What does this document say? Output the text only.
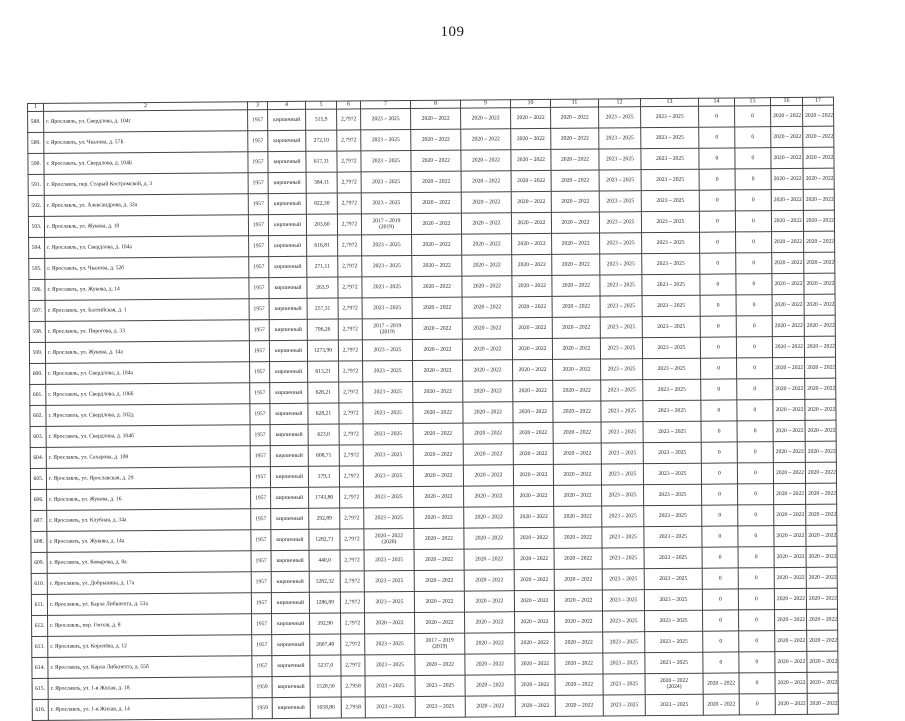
109
1	2	3	4	5	6	7	8	9	10	11	12	13	14	15	16	17
588.	г. Ярославль, ул. Свердлова, д. 104г	1957	кирпичный	515,9	2,7972	2023 – 2025	2020 – 2022	2020 – 2022	2020 – 2022	2020 – 2022	2023 – 2025	2023 – 2025	0	0	2020 – 2022	2020 – 2022
589.	г. Ярославль, ул. Чкалова, д. 57Б	1957	кирпичный	272,10	2,7972	2023 – 2025	2020 – 2022	2020 – 2022	2020 – 2022	2020 – 2022	2023 – 2025	2023 – 2025	0	0	2020 – 2022	2020 – 2022
590.	г. Ярославль, ул. Свердлова, д. 104Б	1957	кирпичный	617,31	2,7972	2023 – 2025	2020 – 2022	2020 – 2022	2020 – 2022	2020 – 2022	2023 – 2025	2023 – 2025	0	0	2020 – 2022	2020 – 2022
591.	г. Ярославль, пер. Старый Костромской, д. 3	1957	кирпичный	384,11	2,7972	2023 – 2025	2020 – 2022	2020 – 2022	2020 – 2022	2020 – 2022	2023 – 2025	2023 – 2025	0	0	2020 – 2022	2020 – 2022
592.	г. Ярославль, ул. Александрова, д. 32а	1957	кирпичный	822,30	2,7972	2023 – 2025	2020 – 2022	2020 – 2022	2020 – 2022	2020 – 2022	2023 – 2025	2023 – 2025	0	0	2020 – 2022	2020 – 2022
593.	г. Ярославль, ул. Жукова, д. 10	1957	кирпичный	203,60	2,7972	2017 – 2019
(2019)	2020 – 2022	2020 – 2022	2020 – 2022	2020 – 2022	2023 – 2025	2023 – 2025	0	0	2020 – 2022	2020 – 2022
594.	г. Ярославль, ул. Свердлова, д. 104а	1957	кирпичный	616,81	2,7972	2023 – 2025	2020 – 2022	2020 – 2022	2020 – 2022	2020 – 2022	2023 – 2025	2023 – 2025	0	0	2020 – 2022	2020 – 2022
595.	г. Ярославль, ул. Чкалова, д. 52б	1957	кирпичный	271,11	2,7972	2023 – 2025	2020 – 2022	2020 – 2022	2020 – 2022	2020 – 2022	2023 – 2025	2023 – 2025	0	0	2020 – 2022	2020 – 2022
596.	г. Ярославль, ул. Жукова, д. 14	1957	кирпичный	263,9	2,7972	2023 – 2025	2020 – 2022	2020 – 2022	2020 – 2022	2020 – 2022	2023 – 2025	2023 – 2025	0	0	2020 – 2022	2020 – 2022
597.	г. Ярославль, ул. Балтийская, д. 1	1957	кирпичный	257,31	2,7972	2023 – 2025	2020 – 2022	2020 – 2022	2020 – 2022	2020 – 2022	2023 – 2025	2023 – 2025	0	0	2020 – 2022	2020 – 2022
598.	г. Ярославль, ул. Пирогова, д. 33	1957	кирпичный	796,26	2,7972	2017 – 2019
(2019)	2020 – 2022	2020 – 2022	2020 – 2022	2020 – 2022	2023 – 2025	2023 – 2025	0	0	2020 – 2022	2020 – 2022
599.	г. Ярославль, ул. Жукова, д. 14а	1957	кирпичный	1273,90	2,7972	2023 – 2025	2020 – 2022	2020 – 2022	2020 – 2022	2020 – 2022	2023 – 2025	2023 – 2025	0	0	2020 – 2022	2020 – 2022
600.	г. Ярославль, ул. Свердлова, д. 104а	1957	кирпичный	613,21	2,7972	2023 – 2025	2020 – 2022	2020 – 2022	2020 – 2022	2020 – 2022	2023 – 2025	2023 – 2025	0	0	2020 – 2022	2020 – 2022
601.	г. Ярославль, ул. Свердлова, д. 106б	1957	кирпичный	628,21	2,7972	2023 – 2025	2020 – 2022	2020 – 2022	2020 – 2022	2020 – 2022	2023 – 2025	2023 – 2025	0	0	2020 – 2022	2020 – 2022
602.	г. Ярославль, ул. Свердлова, д. 102д	1957	кирпичный	628,21	2,7972	2023 – 2025	2020 – 2022	2020 – 2022	2020 – 2022	2020 – 2022	2023 – 2025	2023 – 2025	0	0	2020 – 2022	2020 – 2022
603.	г. Ярославль, ул. Свердлова, д. 104б	1957	кирпичный	623,0	2,7972	2023 – 2025	2020 – 2022	2020 – 2022	2020 – 2022	2020 – 2022	2023 – 2025	2023 – 2025	0	0	2020 – 2022	2020 – 2022
604.	г. Ярославль, ул. Сахарова, д. 108	1957	кирпичный	608,71	2,7972	2023 – 2025	2020 – 2022	2020 – 2022	2020 – 2022	2020 – 2022	2023 – 2025	2023 – 2025	0	0	2020 – 2022	2020 – 2022
605.	г. Ярославль, ул. Ярославская, д. 29	1957	кирпичный	379,3	2,7972	2023 – 2025	2020 – 2022	2020 – 2022	2020 – 2022	2020 – 2022	2023 – 2025	2023 – 2025	0	0	2020 – 2022	2020 – 2022
606.	г. Ярославль, ул. Жукова, д. 16	1957	кирпичный	1743,80	2,7972	2023 – 2025	2020 – 2022	2020 – 2022	2020 – 2022	2020 – 2022	2023 – 2025	2023 – 2025	0	0	2020 – 2022	2020 – 2022
607.	г. Ярославль, ул. Клубная, д. 34а	1957	кирпичный	292,89	2,7972	2023 – 2025	2020 – 2022	2020 – 2022	2020 – 2022	2020 – 2022	2023 – 2025	2023 – 2025	0	0	2020 – 2022	2020 – 2022
608.	г. Ярославль, ул. Жукова, д. 14а	1957	кирпичный	1282,71	2,7972	2020 – 2022
(2020)	2020 – 2022	2020 – 2022	2020 – 2022	2020 – 2022	2023 – 2025	2023 – 2025	0	0	2020 – 2022	2020 – 2022
609.	г. Ярославль, ул. Комарова, д. 8а	1957	кирпичный	440,0	2,7972	2023 – 2025	2020 – 2022	2020 – 2022	2020 – 2022	2020 – 2022	2023 – 2025	2023 – 2025	0	0	2020 – 2022	2020 – 2022
610.	г. Ярославль, ул. Добрынина, д. 17а	1957	кирпичный	1282,32	2,7972	2023 – 2025	2020 – 2022	2020 – 2022	2020 – 2022	2020 – 2022	2023 – 2025	2023 – 2025	0	0	2020 – 2022	2020 – 2022
611.	г. Ярославль, ул. Карла Либкнехта, д. 53а	1957	кирпичный	1286,89	2,7972	2023 – 2025	2020 – 2022	2020 – 2022	2020 – 2022	2020 – 2022	2023 – 2025	2023 – 2025	0	0	2020 – 2022	2020 – 2022
612.	г. Ярославль, пер. Гоголя, д. 8	1957	кирпичный	392,90	2,7972	2020 – 2022	2020 – 2022	2020 – 2022	2020 – 2022	2020 – 2022	2023 – 2025	2023 – 2025	0	0	2020 – 2022	2020 – 2022
613.	г. Ярославль, ул. Королёва, д. 12	1957	кирпичный	2607,40	2,7972	2023 – 2025	2017 – 2019
(2019)	2020 – 2022	2020 – 2022	2020 – 2022	2023 – 2025	2023 – 2025	0	0	2020 – 2022	2020 – 2022
614.	г. Ярославль, ул. Карла Либкнехта, д. 55б	1957	кирпичный	5237,0	2,7972	2023 – 2025	2020 – 2022	2020 – 2022	2020 – 2022	2020 – 2022	2023 – 2025	2023 – 2025	0	0	2020 – 2022	2020 – 2022
615.	г. Ярославль, ул. 1-я Жилая, д. 18	1959	кирпичный	1520,50	2,7958	2023 – 2025	2023 – 2025	2020 – 2022	2020 – 2022	2020 – 2022	2023 – 2025	2020 – 2022
(2024)	2020 – 2022	0	2020 – 2022	2020 – 2022
616.	г. Ярославль, ул. 1-я Жилая, д. 14	1959	кирпичный	1658,80	2,7958	2023 – 2025	2023 – 2025	2020 – 2022	2020 – 2022	2020 – 2022	2023 – 2025	2023 – 2025	2020 – 2022	0	2020 – 2022	2020 – 2022
